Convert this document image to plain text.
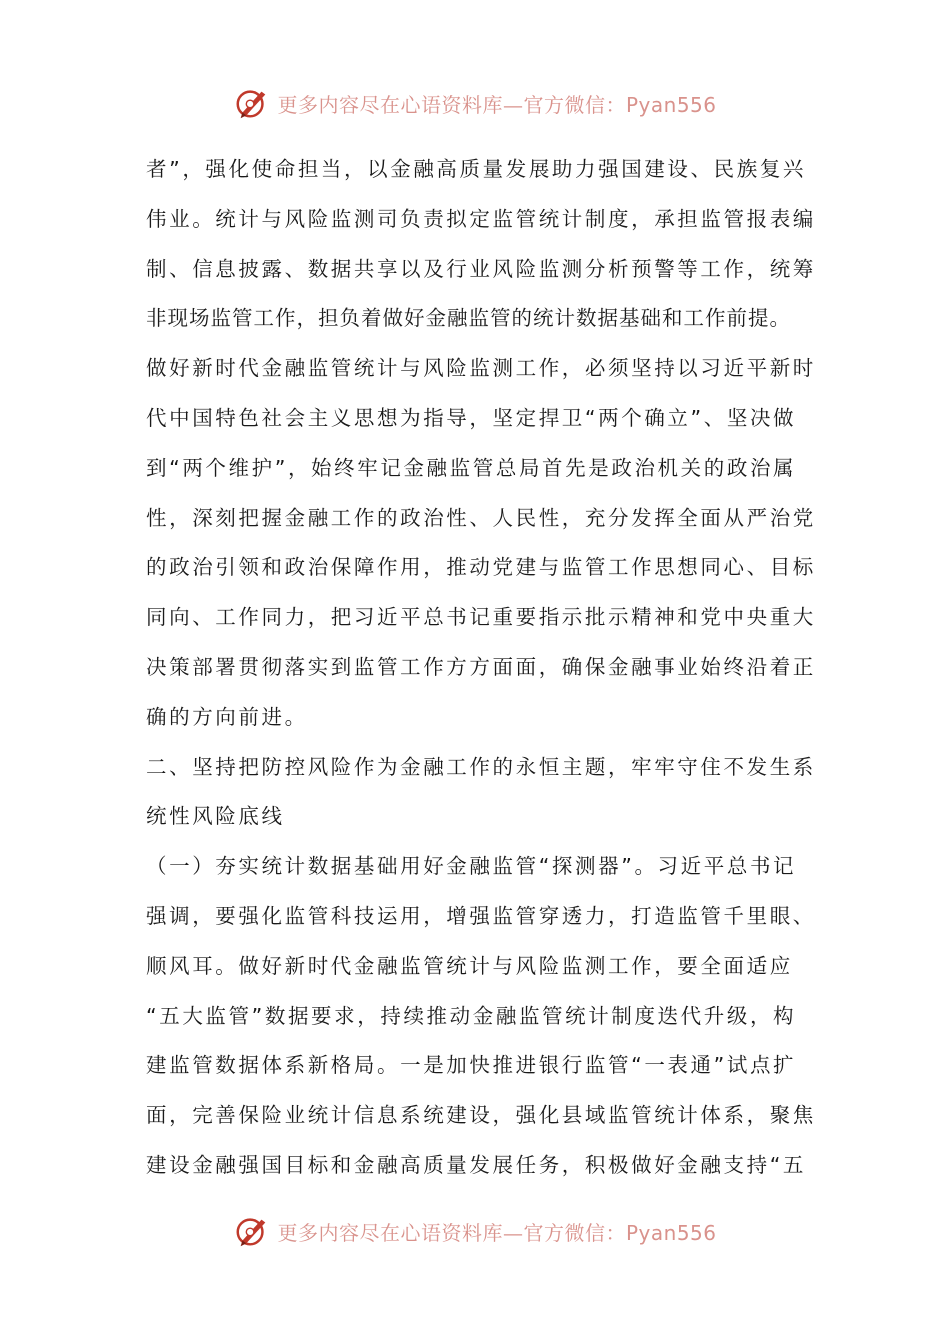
更多内容尽在心语资料库—官方微信：Pyan556
者”，强化使命担当，以金融高质量发展助力强国建设、民族复兴
伟业。统计与风险监测司负责拟定监管统计制度，承担监管报表编
制、信息披露、数据共享以及行业风险监测分析预警等工作，统筹
非现场监管工作，担负着做好金融监管的统计数据基础和工作前提。
做好新时代金融监管统计与风险监测工作，必须坚持以习近平新时
代中国特色社会主义思想为指导，坚定捍卫“两个确立”、坚决做
到“两个维护”，始终牢记金融监管总局首先是政治机关的政治属
性，深刻把握金融工作的政治性、人民性，充分发挥全面从严治党
的政治引领和政治保障作用，推动党建与监管工作思想同心、目标
同向、工作同力，把习近平总书记重要指示批示精神和党中央重大
决策部署贯彻落实到监管工作方方面面，确保金融事业始终沿着正
确的方向前进。
二、坚持把防控风险作为金融工作的永恒主题，牢牢守住不发生系
统性风险底线
（一）夯实统计数据基础用好金融监管“探测器”。习近平总书记
强调，要强化监管科技运用，增强监管穿透力，打造监管千里眼、
顺风耳。做好新时代金融监管统计与风险监测工作，要全面适应
“五大监管”数据要求，持续推动金融监管统计制度迭代升级，构
建监管数据体系新格局。一是加快推进银行监管“一表通”试点扩
面，完善保险业统计信息系统建设，强化县域监管统计体系，聚焦
建设金融强国目标和金融高质量发展任务，积极做好金融支持“五
更多内容尽在心语资料库—官方微信：Pyan556
